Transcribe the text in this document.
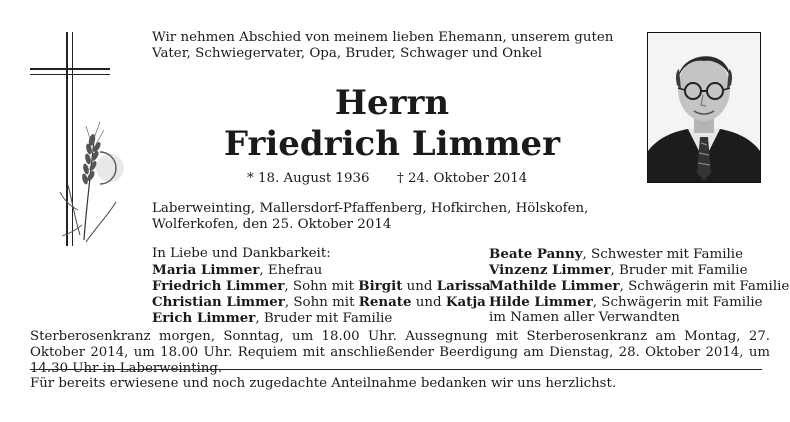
Wir nehmen Abschied von meinem lieben Ehemann, unserem guten Vater, Schwiegervater, Opa, Bruder, Schwager und Onkel
Herrn
Friedrich Limmer
* 18. August 1936 † 24. Oktober 2014
Laberweinting, Mallersdorf-Pfaffenberg, Hofkirchen, Hölskofen, Wolferkofen, den 25. Oktober 2014
In Liebe und Dankbarkeit:
Maria Limmer, Ehefrau
Friedrich Limmer, Sohn mit Birgit und Larissa
Christian Limmer, Sohn mit Renate und Katja
Erich Limmer, Bruder mit Familie
Beate Panny, Schwester mit Familie
Vinzenz Limmer, Bruder mit Familie
Mathilde Limmer, Schwägerin mit Familie
Hilde Limmer, Schwägerin mit Familie
im Namen aller Verwandten
Sterberosenkranz morgen, Sonntag, um 18.00 Uhr. Aussegnung mit Sterberosenkranz am Montag, 27. Oktober 2014, um 18.00 Uhr. Requiem mit anschließender Beerdigung am Dienstag, 28. Oktober 2014, um 14.30 Uhr in Laberweinting.
Für bereits erwiesene und noch zugedachte Anteilnahme bedanken wir uns herzlichst.
